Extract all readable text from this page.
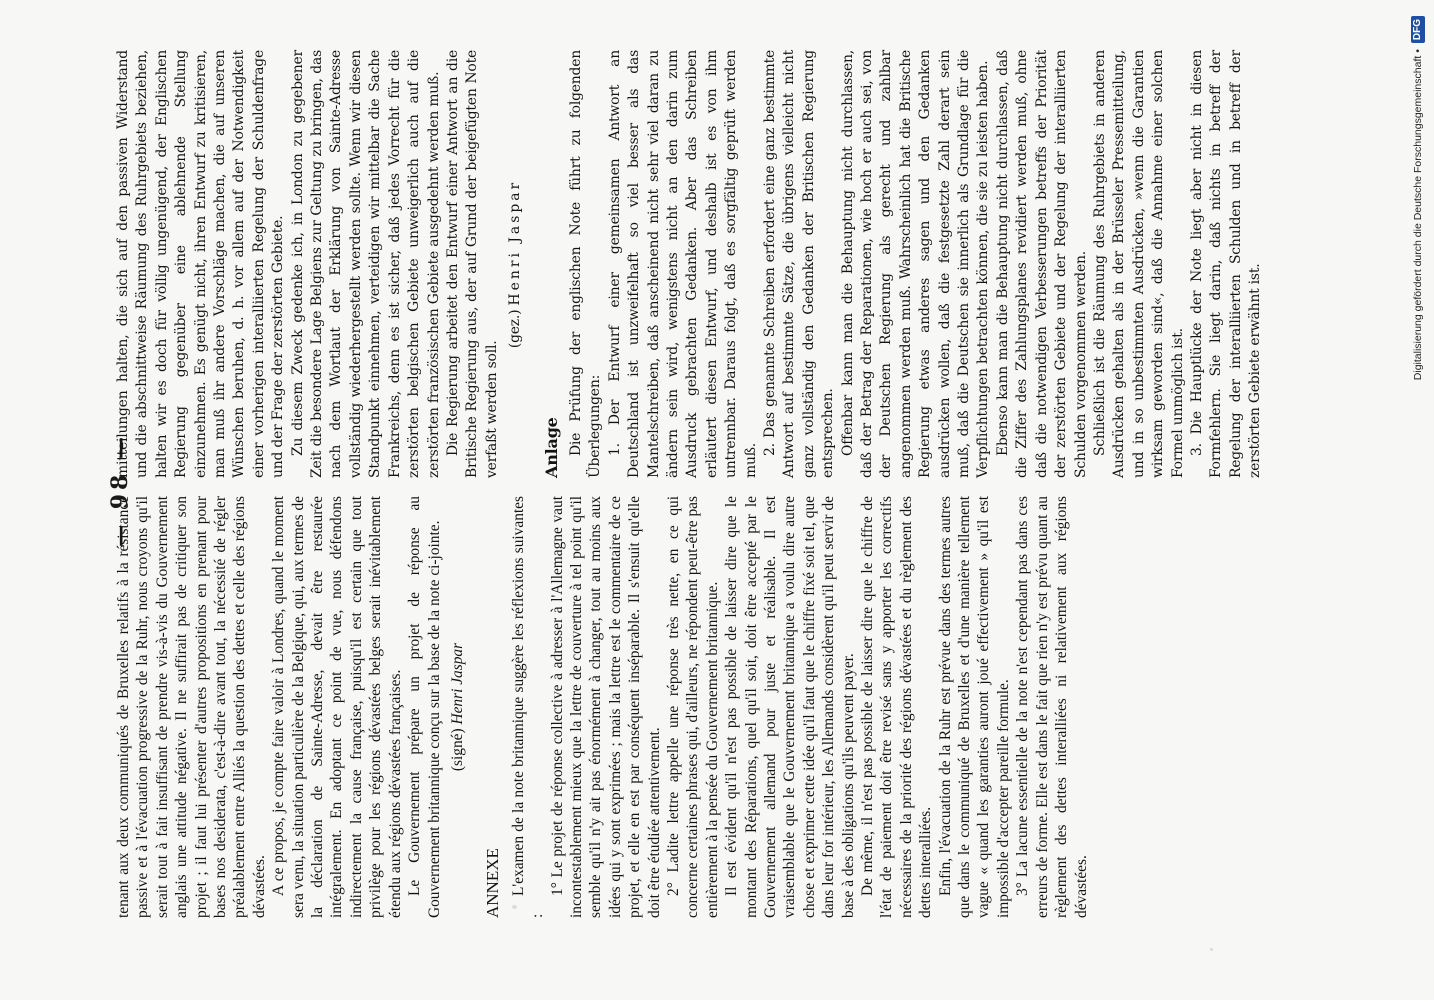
— 98 —

tenant aux deux communiqués de Bruxelles relatifs à la résistance passive et à l'évacuation progressive de la Ruhr, nous croyons qu'il serait tout à fait insuffisant de prendre vis-à-vis du Gouvernement anglais une attitude négative. Il ne suffirait pas de critiquer son projet ; il faut lui présenter d'autres propositions en prenant pour bases nos desiderata, c'est-à-dire avant tout, la nécessité de régler préalablement entre Alliés la question des dettes et celle des régions dévastées. A ce propos, je compte faire valoir à Londres, quand le moment sera venu, la situation particulière de la Belgique, qui, aux termes de la déclaration de Sainte-Adresse, devait être restaurée intégralement. En adoptant ce point de vue, nous défendons indirectement la cause française, puisqu'il est certain que tout privilège pour les régions dévastées belges serait inévitablement étendu aux régions dévastées françaises. Le Gouvernement prépare un projet de réponse au Gouvernement britannique conçu sur la base de la note ci-jointe. (signé) Henri Jaspar

ANNEXE L'examen de la note britannique suggère les réflexions suivantes :

1° Le projet de réponse collective à adresser à l'Allemagne vaut incontestablement mieux que la lettre de couverture à tel point qu'il semble qu'il n'y ait pas énormément à changer, tout au moins aux idées qui y sont exprimées ; mais la lettre est le commentaire de ce projet, et elle en est par conséquent inséparable. Il s'ensuit qu'elle doit être étudiée attentivement. 2° Ladite lettre appelle une réponse très nette, en ce qui concerne certaines phrases qui, d'ailleurs, ne répondent peut-être pas entièrement à la pensée du Gouvernement britannique. Il est évident qu'il n'est pas possible de laisser dire que le montant des Réparations, quel qu'il soit, doit être accepté par le Gouvernement allemand pour juste et réalisable. Il est vraisemblable que le Gouvernement britannique a voulu dire autre chose et exprimer cette idée qu'il faut que le chiffre fixé soit tel, que dans leur for intérieur, les Allemands considèrent qu'il peut servir de base à des obligations qu'ils peuvent payer. De même, il n'est pas possible de laisser dire que le chiffre de l'état de paiement doit être revisé sans y apporter les correctifs nécessaires de la priorité des régions dévastées et du règlement des dettes interalliées. Enfin, l'évacuation de la Ruhr est prévue dans des termes autres que dans le communiqué de Bruxelles et d'une manière tellement vague « quand les garanties auront joué effectivement » qu'il est impossible d'accepter pareille formule. 3° La lacune essentielle de la note n'est cependant pas dans ces erreurs de forme. Elle est dans le fait que rien n'y est prévu quant au règlement des dettes interalliées ni relativement aux régions dévastées.

mitteilungen halten, die sich auf den passiven Widerstand und die abschnittweise Räumung des Ruhrgebiets beziehen, halten wir es doch für völlig ungenügend, der Englischen Regierung gegenüber eine ablehnende Stellung einzunehmen. Es genügt nicht, ihren Entwurf zu kritisieren, man muß ihr andere Vorschläge machen, die auf unseren Wünschen beruhen, d. h. vor allem auf der Notwendigkeit einer vorherigen interalliierten Regelung der Schuldenfrage und der Frage der zerstörten Gebiete. Zu diesem Zweck gedenke ich, in London zu gegebener Zeit die besondere Lage Belgiens zur Geltung zu bringen, das nach dem Wortlaut der Erklärung von Sainte-Adresse vollständig wiederhergestellt werden sollte. Wenn wir diesen Standpunkt einnehmen, verteidigen wir mittelbar die Sache Frankreichs, denn es ist sicher, daß jedes Vorrecht für die zerstörten belgischen Gebiete unweigerlich auch auf die zerstörten französischen Gebiete ausgedehnt werden muß. Die Regierung arbeitet den Entwurf einer Antwort an die Britische Regierung aus, der auf Grund der beigefügten Note verfaßt werden soll.

(gez.) Henri Jaspar

Anlage Die Prüfung der englischen Note führt zu folgenden Überlegungen: 1. Der Entwurf einer gemeinsamen Antwort an Deutschland ist unzweifelhaft so viel besser als das Mantelschreiben, daß anscheinend nicht sehr viel daran zu ändern sein wird, wenigstens nicht an den darin zum Ausdruck gebrachten Gedanken. Aber das Schreiben erläutert diesen Entwurf, und deshalb ist es von ihm untrennbar. Daraus folgt, daß es sorgfältig geprüft werden muß.

2. Das genannte Schreiben erfordert eine ganz bestimmte Antwort auf bestimmte Sätze, die übrigens vielleicht nicht ganz vollständig den Gedanken der Britischen Regierung entsprechen. Offenbar kann man die Behauptung nicht durchlassen, daß der Betrag der Reparationen, wie hoch er auch sei, von der Deutschen Regierung als gerecht und zahlbar angenommen werden muß. Wahrscheinlich hat die Britische Regierung etwas anderes sagen und den Gedanken ausdrücken wollen, daß die festgesetzte Zahl derart sein muß, daß die Deutschen sie innerlich als Grundlage für die Verpflichtungen betrachten können, die sie zu leisten haben. Ebenso kann man die Behauptung nicht durchlassen, daß die Ziffer des Zahlungsplanes revidiert werden muß, ohne daß die notwendigen Verbesserungen betreffs der Priorität der zerstörten Gebiete und der Regelung der interalliierten Schulden vorgenommen werden. Schließlich ist die Räumung des Ruhrgebiets in anderen Ausdrücken gehalten als in der Brüsseler Pressemitteilung, und in so unbestimmten Ausdrücken, »wenn die Garantien wirksam geworden sind«, daß die Annahme einer solchen Formel unmöglich ist. 3. Die Hauptlücke der Note liegt aber nicht in diesen Formfehlern. Sie liegt darin, daß nichts in betreff der Regelung der interalliierten Schulden und in betreff der zerstörten Gebiete erwähnt ist.	Digitalisierung gefördert durch die Deutsche Forschungsgemeinschaft •DFG
